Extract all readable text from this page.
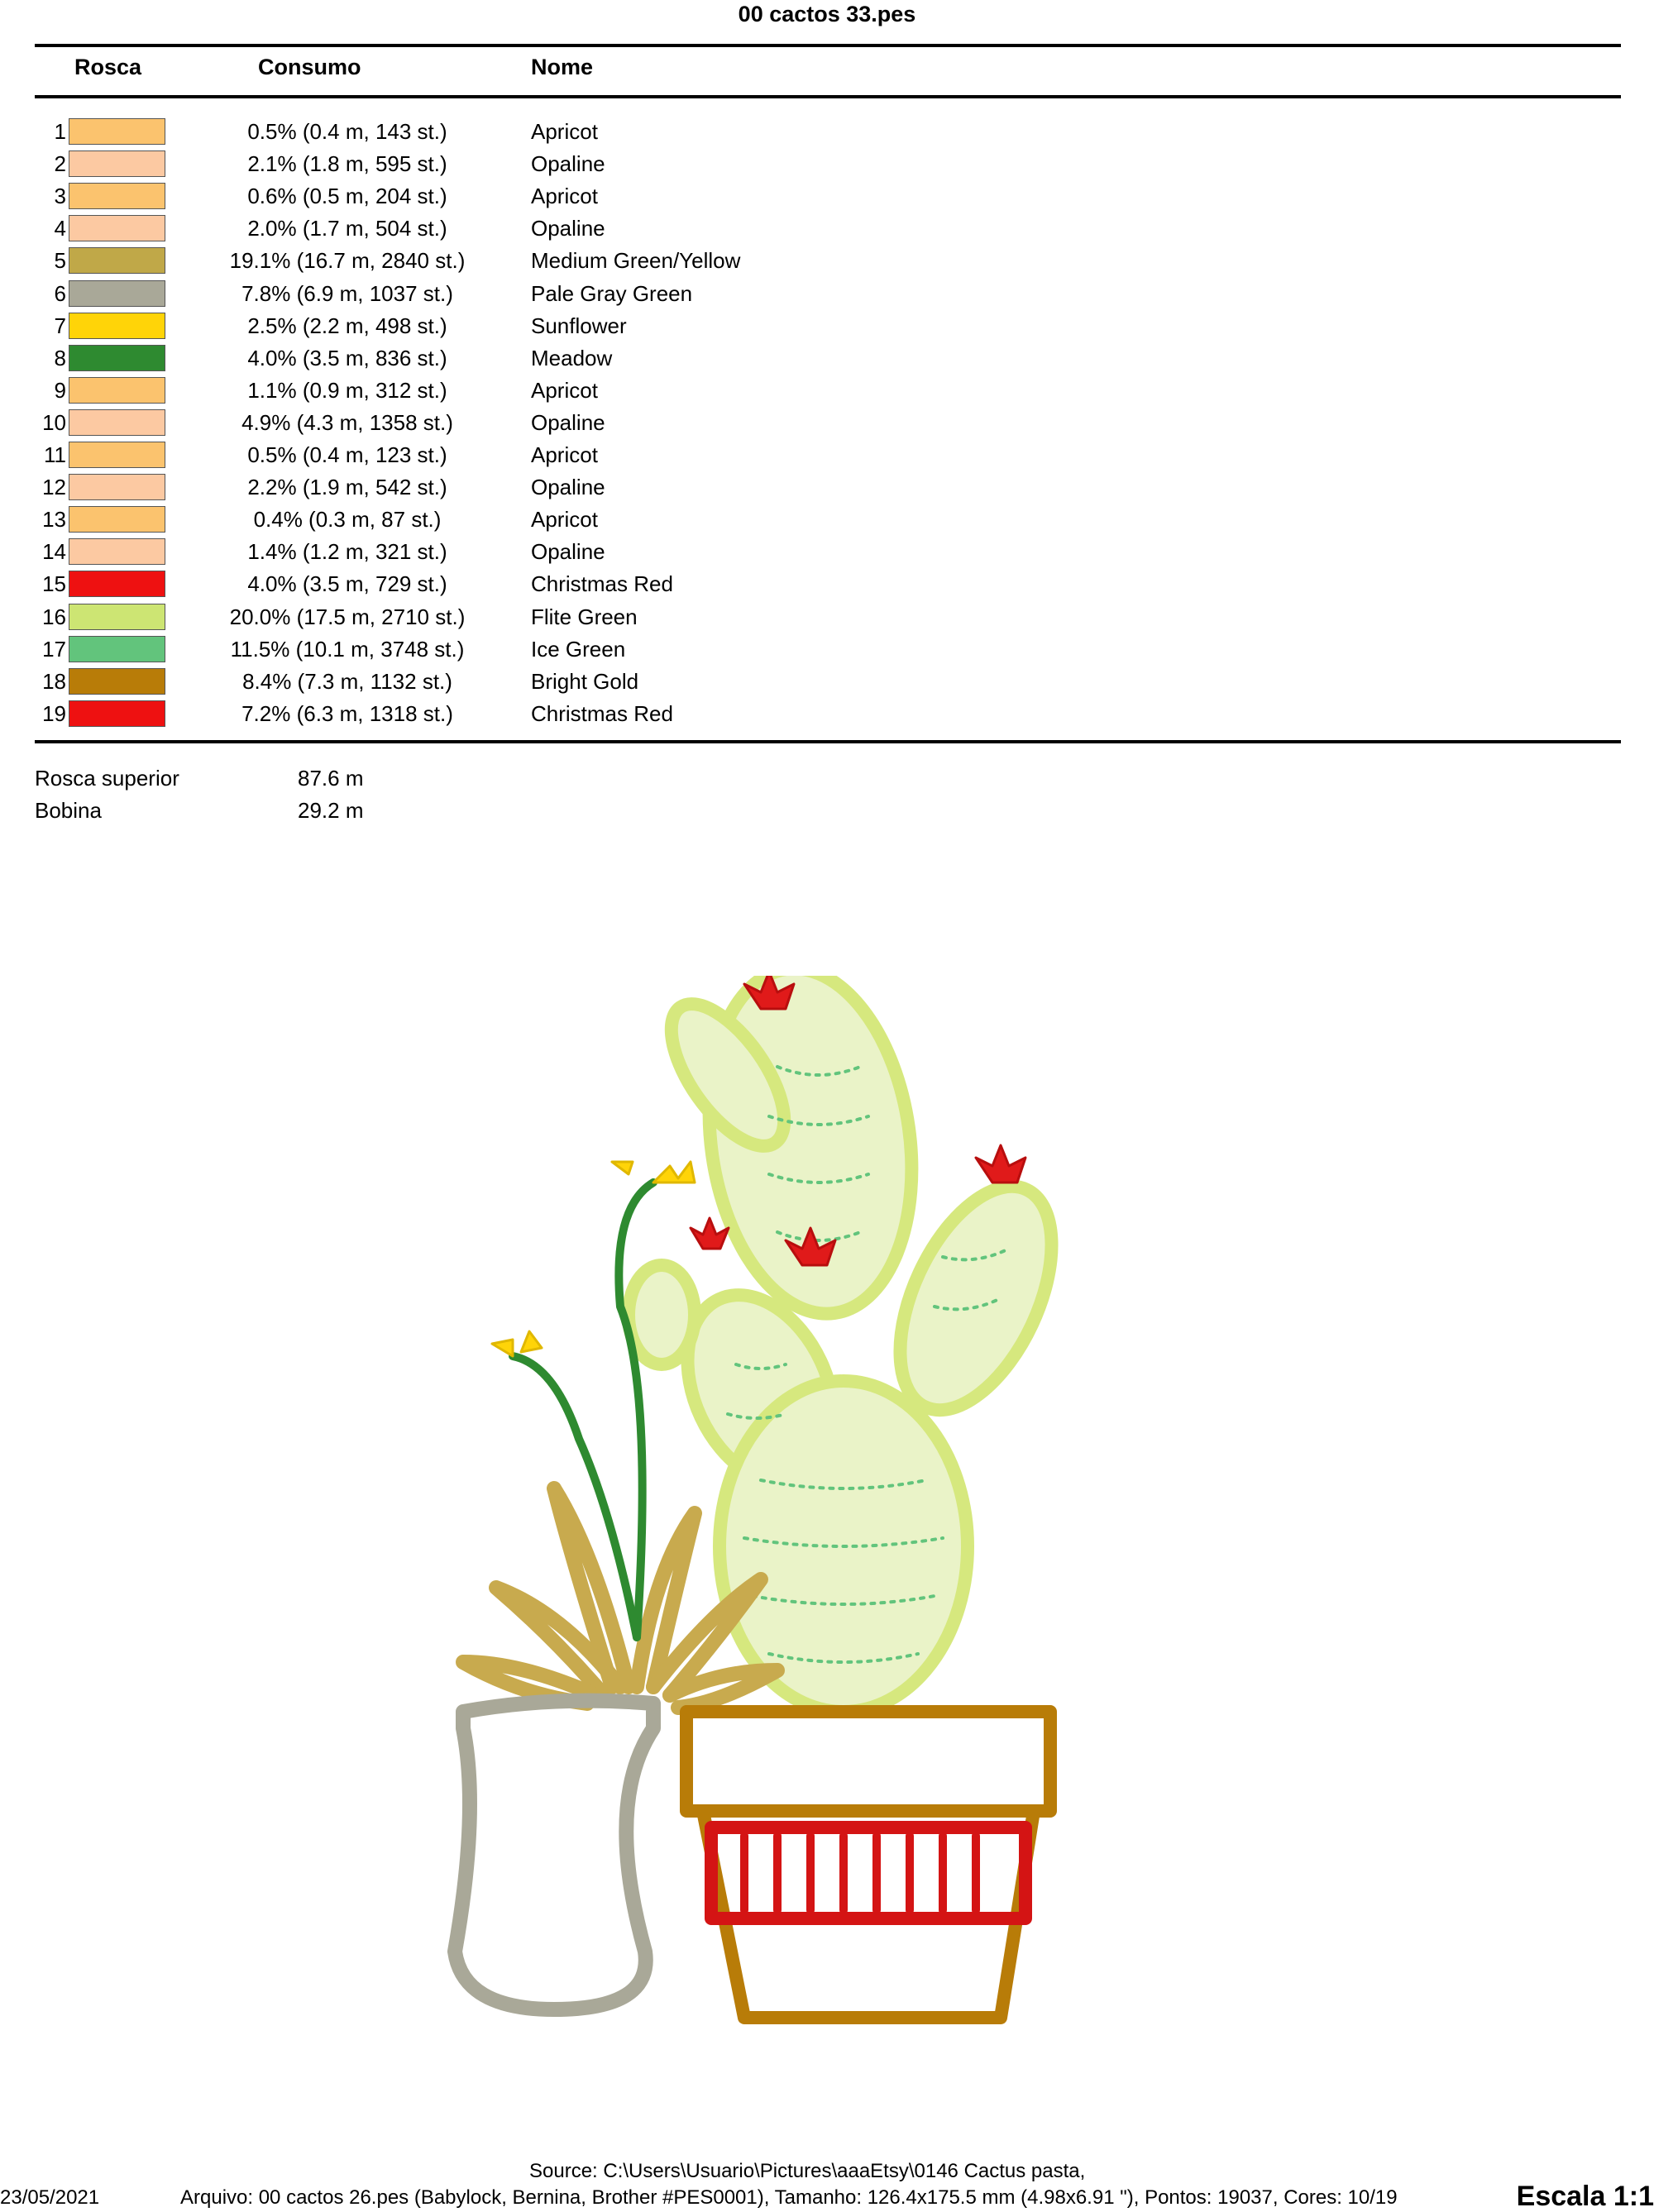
00 cactos 33.pes
Rosca	Consumo	Nome
1	0.5% (0.4 m, 143 st.)	Apricot
2	2.1% (1.8 m, 595 st.)	Opaline
3	0.6% (0.5 m, 204 st.)	Apricot
4	2.0% (1.7 m, 504 st.)	Opaline
5	19.1% (16.7 m, 2840 st.)	Medium Green/Yellow
6	7.8% (6.9 m, 1037 st.)	Pale Gray Green
7	2.5% (2.2 m, 498 st.)	Sunflower
8	4.0% (3.5 m, 836 st.)	Meadow
9	1.1% (0.9 m, 312 st.)	Apricot
10	4.9% (4.3 m, 1358 st.)	Opaline
11	0.5% (0.4 m, 123 st.)	Apricot
12	2.2% (1.9 m, 542 st.)	Opaline
13	0.4% (0.3 m, 87 st.)	Apricot
14	1.4% (1.2 m, 321 st.)	Opaline
15	4.0% (3.5 m, 729 st.)	Christmas Red
16	20.0% (17.5 m, 2710 st.)	Flite Green
17	11.5% (10.1 m, 3748 st.)	Ice Green
18	8.4% (7.3 m, 1132 st.)	Bright Gold
19	7.2% (6.3 m, 1318 st.)	Christmas Red
Rosca superior	87.6 m
Bobina	29.2 m
Source: C:\Users\Usuario\Pictures\aaaEtsy\0146 Cactus pasta,
23/05/2021	Arquivo: 00 cactos 26.pes (Babylock, Bernina, Brother #PES0001), Tamanho: 126.4x175.5 mm (4.98x6.91 "), Pontos: 19037, Cores: 10/19	Escala 1:1
